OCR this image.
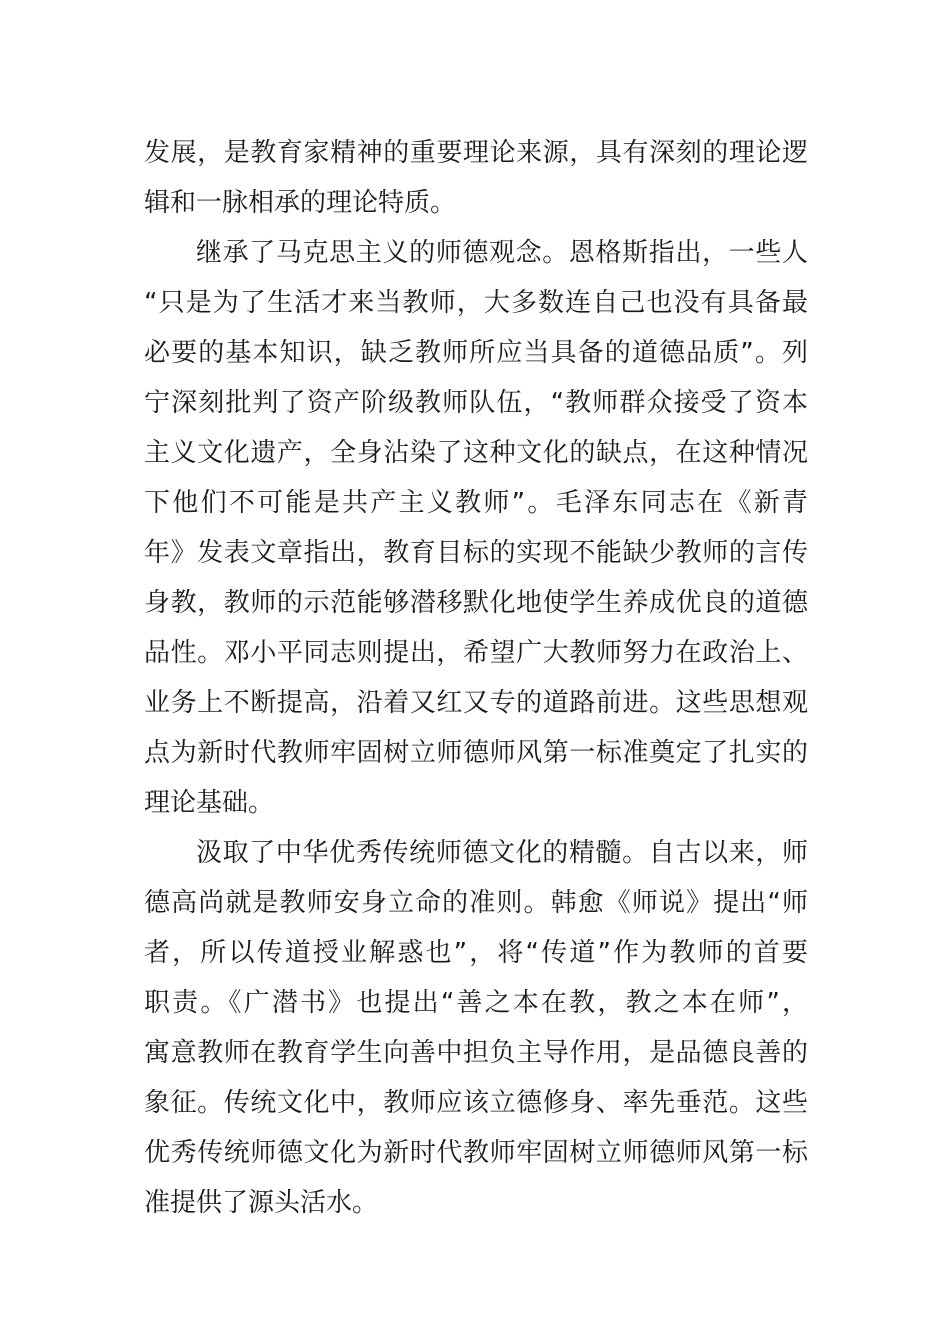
发展，是教育家精神的重要理论来源，具有深刻的理论逻
辑和一脉相承的理论特质。
继承了马克思主义的师德观念。恩格斯指出，一些人
“只是为了生活才来当教师，大多数连自己也没有具备最
必要的基本知识，缺乏教师所应当具备的道德品质”。列
宁深刻批判了资产阶级教师队伍，“教师群众接受了资本
主义文化遗产，全身沾染了这种文化的缺点，在这种情况
下他们不可能是共产主义教师”。毛泽东同志在《新青
年》发表文章指出，教育目标的实现不能缺少教师的言传
身教，教师的示范能够潜移默化地使学生养成优良的道德
品性。邓小平同志则提出，希望广大教师努力在政治上、
业务上不断提高，沿着又红又专的道路前进。这些思想观
点为新时代教师牢固树立师德师风第一标准奠定了扎实的
理论基础。
汲取了中华优秀传统师德文化的精髓。自古以来，师
德高尚就是教师安身立命的准则。韩愈《师说》提出“师
者，所以传道授业解惑也”，将“传道”作为教师的首要
职责。《广潜书》也提出“善之本在教，教之本在师”，
寓意教师在教育学生向善中担负主导作用，是品德良善的
象征。传统文化中，教师应该立德修身、率先垂范。这些
优秀传统师德文化为新时代教师牢固树立师德师风第一标
准提供了源头活水。
